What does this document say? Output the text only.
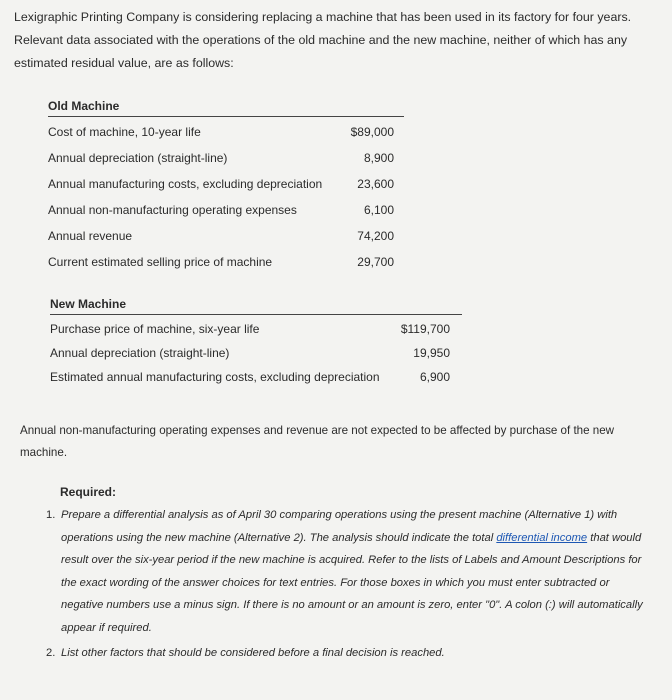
Lexigraphic Printing Company is considering replacing a machine that has been used in its factory for four years. Relevant data associated with the operations of the old machine and the new machine, neither of which has any estimated residual value, are as follows:

Old Machine
Cost of machine, 10-year life	$89,000
Annual depreciation (straight-line)	8,900
Annual manufacturing costs, excluding depreciation	23,600
Annual non-manufacturing operating expenses	6,100
Annual revenue	74,200
Current estimated selling price of machine	29,700
New Machine
Purchase price of machine, six-year life	$119,700
Annual depreciation (straight-line)	19,950
Estimated annual manufacturing costs, excluding depreciation	6,900

Annual non-manufacturing operating expenses and revenue are not expected to be affected by purchase of the new machine.

Required:

1. Prepare a differential analysis as of April 30 comparing operations using the present machine (Alternative 1) with operations using the new machine (Alternative 2). The analysis should indicate the total differential income that would result over the six-year period if the new machine is acquired. Refer to the lists of Labels and Amount Descriptions for the exact wording of the answer choices for text entries. For those boxes in which you must enter subtracted or negative numbers use a minus sign. If there is no amount or an amount is zero, enter "0". A colon (:) will automatically appear if required.

2. List other factors that should be considered before a final decision is reached.
